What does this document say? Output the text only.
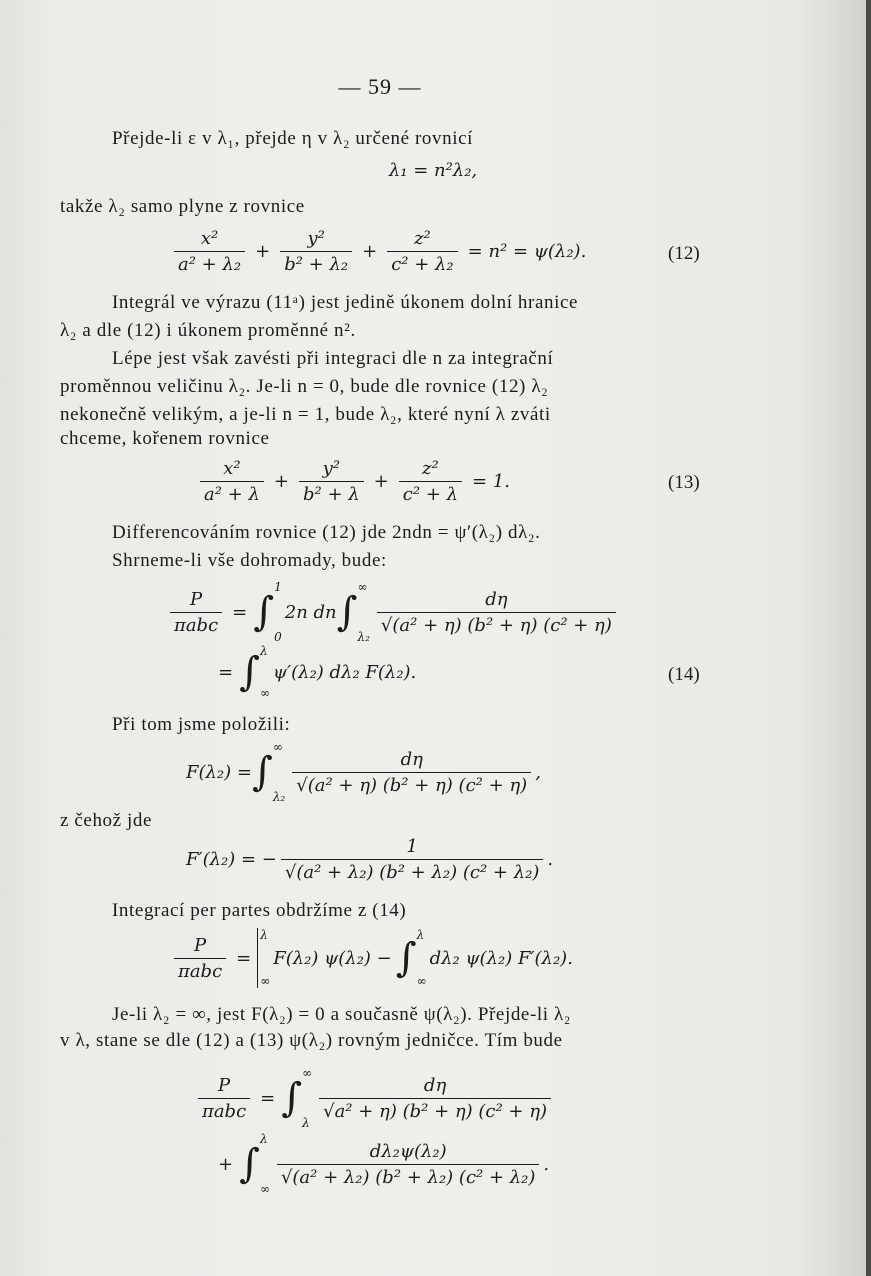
— 59 —
Přejde-li ε v λ₁, přejde η v λ₂ určené rovnicí
λ₁ = n²λ₂,
takže λ₂ samo plyne z rovnice
$\frac{\text{x²}}{\text{a² + λ₂}} + \frac{\text{y²}}{\text{b² + λ₂}} + \frac{\text{z²}}{\text{c² + λ₂}} = n^2 = \psi(\lambda_2)$.	(12)
Integrál ve výrazu (11ᵃ) jest jedině úkonem dolní hranice
λ₂ a dle (12) i úkonem proměnné n².
Lépe jest však zavésti při integraci dle n za integrační
proměnnou veličinu λ₂. Je-li n = 0, bude dle rovnice (12) λ₂
nekonečně velikým, a je-li n = 1, bude λ₂, které nyní λ zváti
chceme, kořenem rovnice
$\frac{\text{x²}}{\text{a² + λ}} + \frac{\text{y²}}{\text{b² + λ}} + \frac{\text{z²}}{\text{c² + λ}} = 1$.	(13)
Differencováním rovnice (12) jde 2ndn = ψ′(λ₂) dλ₂.
Shrneme-li vše dohromady, bude:
$\frac{P}{\text{πabc}}$ = ∫
1
0
2n dn ∫
∞
λ₂
$\frac{d\eta}{\text{√(a² + η) (b² + η) (c² + η)}}$
= ∫ λ
∞
ψ′(λ₂) dλ₂ F(λ₂).	(14)
Při tom jsme položili:
F(λ₂) = ∫
∞
λ₂
$\frac{d\eta}{\text{√(a² + η) (b² + η) (c² + η)}}$ ,
z čehož jde
F′(λ₂) = − $\frac{1}{\text{√(a² + λ₂) (b² + λ₂) (c² + λ₂)}}$ .
Integrací per partes obdržíme z (14)
$\frac{P}{\text{πabc}}$ =
λ
∞
F(λ₂) ψ(λ₂) − ∫ λ
∞
dλ₂ ψ(λ₂) F′(λ₂).
Je-li λ₂ = ∞, jest F(λ₂) = 0 a současně ψ(λ₂). Přejde-li λ₂
v λ, stane se dle (12) a (13) ψ(λ₂) rovným jedničce. Tím bude
$\frac{P}{\text{πabc}}$ = ∫
∞
λ
$\frac{d\eta}{\text{√a² + η) (b² + η) (c² + η)}}$
+ ∫
λ
∞
$\frac{\text{dλ₂ψ(λ₂)}}{\text{√(a² + λ₂) (b² + λ₂) (c² + λ₂)}}$ .
